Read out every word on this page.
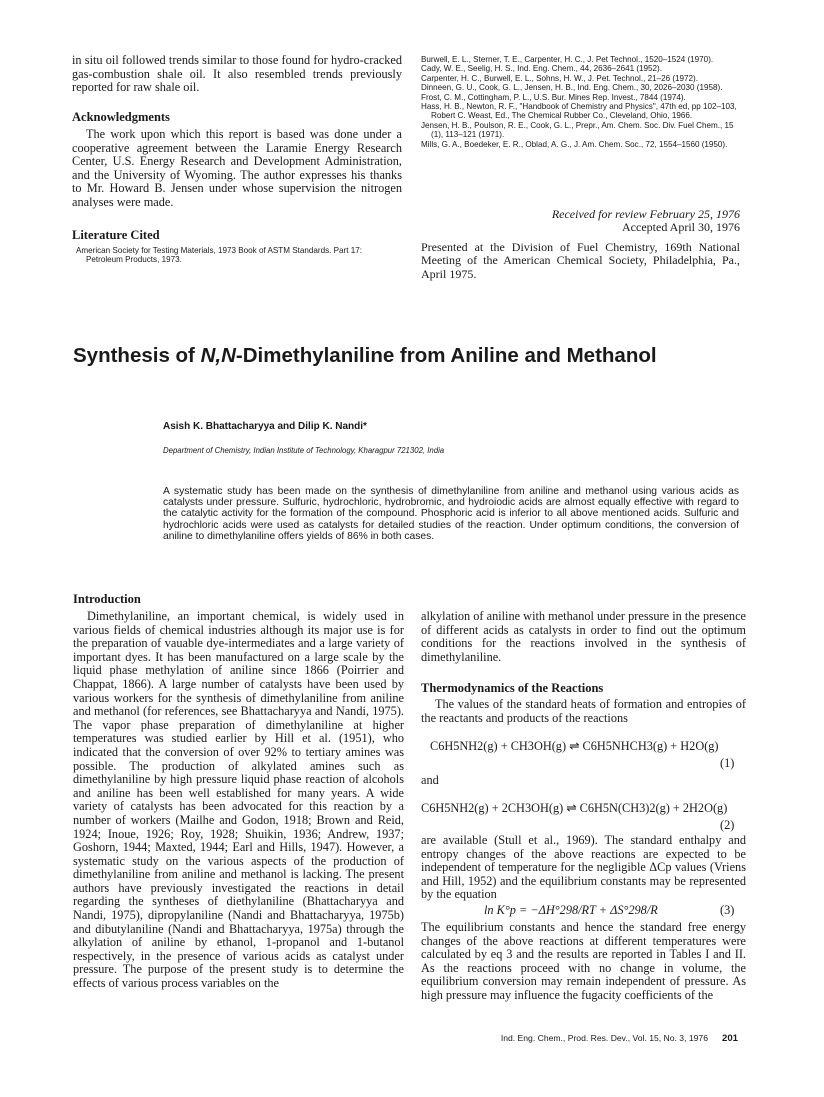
in situ oil followed trends similar to those found for hydro-cracked gas-combustion shale oil. It also resembled trends previously reported for raw shale oil.

Acknowledgments

The work upon which this report is based was done under a cooperative agreement between the Laramie Energy Research Center, U.S. Energy Research and Development Administration, and the University of Wyoming. The author expresses his thanks to Mr. Howard B. Jensen under whose supervision the nitrogen analyses were made.

Literature Cited
American Society for Testing Materials, 1973 Book of ASTM Standards. Part 17: Petroleum Products, 1973.
Burwell, E. L., Sterner, T. E., Carpenter, H. C., J. Pet Technol., 1520–1524 (1970).
Cady, W. E., Seelig, H. S., Ind. Eng. Chem., 44, 2636–2641 (1952).
Carpenter, H. C., Burwell, E. L., Sohns, H. W., J. Pet. Technol., 21–26 (1972).
Dinneen, G. U., Cook, G. L., Jensen, H. B., Ind. Eng. Chem., 30, 2026–2030 (1958).
Frost, C. M., Cottingham, P. L., U.S. Bur. Mines Rep. Invest., 7844 (1974).
Hass, H. B., Newton, R. F., "Handbook of Chemistry and Physics", 47th ed, pp 102–103, Robert C. Weast, Ed., The Chemical Rubber Co., Cleveland, Ohio, 1966.
Jensen, H. B., Poulson, R. E., Cook, G. L., Prepr., Am. Chem. Soc. Div. Fuel Chem., 15 (1), 113–121 (1971).
Mills, G. A., Boedeker, E. R., Oblad, A. G., J. Am. Chem. Soc., 72, 1554–1560 (1950).
Received for review February 25, 1976
Accepted April 30, 1976
Presented at the Division of Fuel Chemistry, 169th National Meeting of the American Chemical Society, Philadelphia, Pa., April 1975.
Synthesis of N,N-Dimethylaniline from Aniline and Methanol
Asish K. Bhattacharyya and Dilip K. Nandi*
Department of Chemistry, Indian Institute of Technology, Kharagpur 721302, India
A systematic study has been made on the synthesis of dimethylaniline from aniline and methanol using various acids as catalysts under pressure. Sulfuric, hydrochloric, hydrobromic, and hydroiodic acids are almost equally effective with regard to the catalytic activity for the formation of the compound. Phosphoric acid is inferior to all above mentioned acids. Sulfuric and hydrochloric acids were used as catalysts for detailed studies of the reaction. Under optimum conditions, the conversion of aniline to dimethylaniline offers yields of 86% in both cases.
Introduction

Dimethylaniline, an important chemical, is widely used in various fields of chemical industries although its major use is for the preparation of vauable dye-intermediates and a large variety of important dyes. It has been manufactured on a large scale by the liquid phase methylation of aniline since 1866 (Poirrier and Chappat, 1866). A large number of catalysts have been used by various workers for the synthesis of dimethylaniline from aniline and methanol (for references, see Bhattacharyya and Nandi, 1975). The vapor phase preparation of dimethylaniline at higher temperatures was studied earlier by Hill et al. (1951), who indicated that the conversion of over 92% to tertiary amines was possible. The production of alkylated amines such as dimethylaniline by high pressure liquid phase reaction of alcohols and aniline has been well established for many years. A wide variety of catalysts has been advocated for this reaction by a number of workers (Mailhe and Godon, 1918; Brown and Reid, 1924; Inoue, 1926; Roy, 1928; Shuikin, 1936; Andrew, 1937; Goshorn, 1944; Maxted, 1944; Earl and Hills, 1947). However, a systematic study on the various aspects of the production of dimethylaniline from aniline and methanol is lacking. The present authors have previously investigated the reactions in detail regarding the syntheses of diethylaniline (Bhattacharyya and Nandi, 1975), dipropylaniline (Nandi and Bhattacharyya, 1975b) and dibutylaniline (Nandi and Bhattacharyya, 1975a) through the alkylation of aniline by ethanol, 1-propanol and 1-butanol respectively, in the presence of various acids as catalyst under pressure. The purpose of the present study is to determine the effects of various process variables on the

alkylation of aniline with methanol under pressure in the presence of different acids as catalysts in order to find out the optimum conditions for the reactions involved in the synthesis of dimethylaniline.

Thermodynamics of the Reactions

The values of the standard heats of formation and entropies of the reactants and products of the reactions

C6H5NH2(g) + CH3OH(g) ⇌ C6H5NHCH3(g) + H2O(g)
(1)
and
C6H5NH2(g) + 2CH3OH(g) ⇌ C6H5N(CH3)2(g) + 2H2O(g)
(2)

are available (Stull et al., 1969). The standard enthalpy and entropy changes of the above reactions are expected to be independent of temperature for the negligible ΔCp values (Vriens and Hill, 1952) and the equilibrium constants may be represented by the equation

ln K°p = −ΔH°298/RT + ΔS°298/R	(3)

The equilibrium constants and hence the standard free energy changes of the above reactions at different temperatures were calculated by eq 3 and the results are reported in Tables I and II. As the reactions proceed with no change in volume, the equilibrium conversion may remain independent of pressure. As high pressure may influence the fugacity coefficients of the

Ind. Eng. Chem., Prod. Res. Dev., Vol. 15, No. 3, 1976 201
